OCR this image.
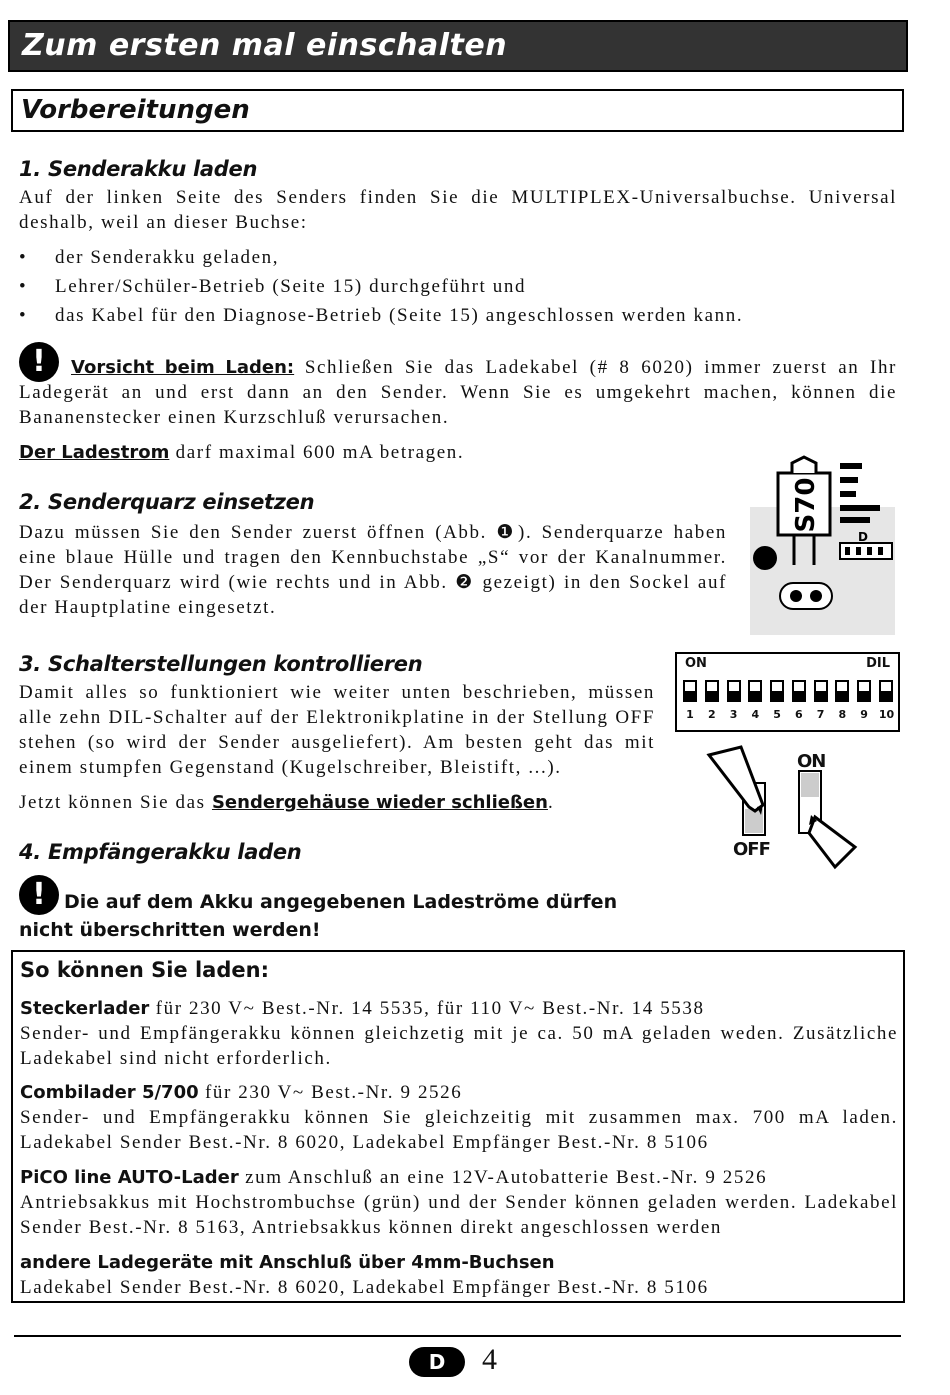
Zum ersten mal einschalten
Vorbereitungen
1. Senderakku laden
Auf der linken Seite des Senders finden Sie die MULTIPLEX-Universalbuchse. Universal deshalb, weil an dieser Buchse:
•	der Senderakku geladen,
•	Lehrer/Schüler-Betrieb (Seite 15) durchgeführt und
•	das Kabel für den Diagnose-Betrieb (Seite 15) angeschlossen werden kann.
!	Vorsicht beim Laden: Schließen Sie das Ladekabel (# 8 6020) immer zuerst an Ihr Ladegerät an und erst dann an den Sender. Wenn Sie es umgekehrt machen, können die Bananenstecker einen Kurzschluß verursachen.
Der Ladestrom darf maximal 600 mA betragen.
2. Senderquarz einsetzen
Dazu müssen Sie den Sender zuerst öffnen (Abb. ❶). Senderquarze haben eine blaue Hülle und tragen den Kennbuchstabe „S“ vor der Kanalnummer. Der Senderquarz wird (wie rechts und in Abb. ❷ gezeigt) in den Sockel auf der Hauptplatine eingesetzt.
S70
D
3. Schalterstellungen kontrollieren
Damit alles so funktioniert wie weiter unten beschrieben, müssen alle zehn DIL-Schalter auf der Elektronikplatine in der Stellung OFF stehen (so wird der Sender ausgeliefert). Am besten geht das mit einem stumpfen Gegenstand (Kugelschreiber, Bleistift, ...).
Jetzt können Sie das Sendergehäuse wieder schließen.
ON	DIL
1 2 3 4 5 6 7 8 9 10
ON
OFF
4. Empfängerakku laden
! Die auf dem Akku angegebenen Ladeströme dürfen nicht überschritten werden!
So können Sie laden:
Steckerlader für 230 V~ Best.-Nr. 14 5535, für 110 V~ Best.-Nr. 14 5538
Sender- und Empfängerakku können gleichzetig mit je ca. 50 mA geladen weden. Zusätzliche Ladekabel sind nicht erforderlich.
Combilader 5/700 für 230 V~ Best.-Nr. 9 2526
Sender- und Empfängerakku können Sie gleichzeitig mit zusammen max. 700 mA laden. Ladekabel Sender Best.-Nr. 8 6020, Ladekabel Empfänger Best.-Nr. 8 5106
PiCO line AUTO-Lader zum Anschluß an eine 12V-Autobatterie Best.-Nr. 9 2526
Antriebsakkus mit Hochstrombuchse (grün) und der Sender können geladen werden. Ladekabel Sender Best.-Nr. 8 5163, Antriebsakkus können direkt angeschlossen werden
andere Ladegeräte mit Anschluß über 4mm-Buchsen
Ladekabel Sender Best.-Nr. 8 6020, Ladekabel Empfänger Best.-Nr. 8 5106
D	4
